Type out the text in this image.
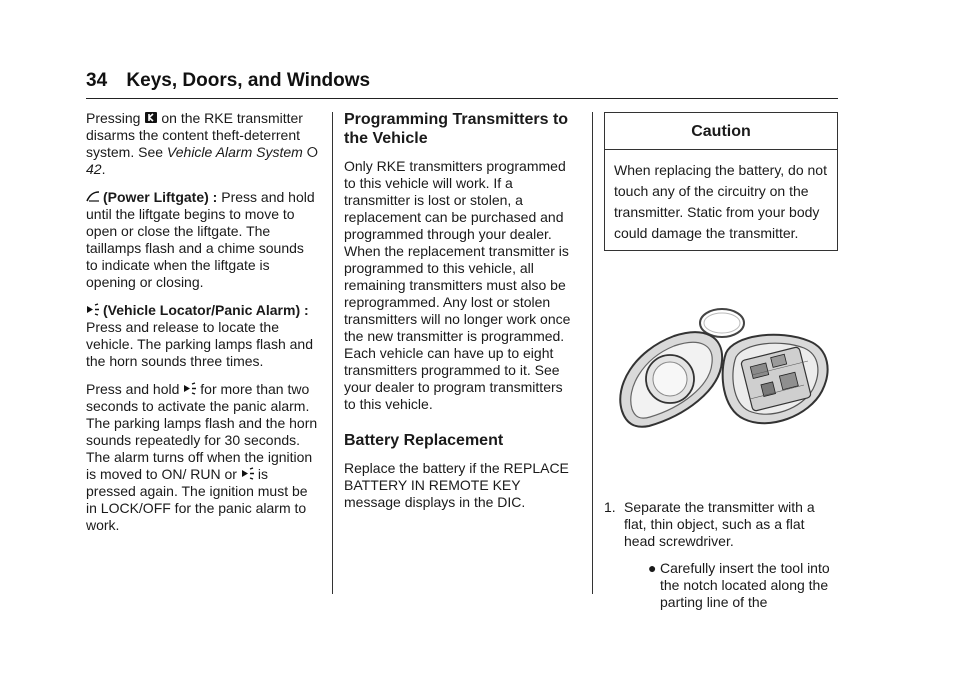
34 Keys, Doors, and Windows

Pressing on the RKE transmitter disarms the content theft-deterrent system. See Vehicle Alarm System ⭘ 42.

(Power Liftgate) : Press and hold until the liftgate begins to move to open or close the liftgate. The taillamps flash and a chime sounds to indicate when the liftgate is opening or closing.

(Vehicle Locator/Panic Alarm) : Press and release to locate the vehicle. The parking lamps flash and the horn sounds three times.

Press and hold for more than two seconds to activate the panic alarm. The parking lamps flash and the horn sounds repeatedly for 30 seconds. The alarm turns off when the ignition is moved to ON/ RUN or is pressed again. The ignition must be in LOCK/OFF for the panic alarm to work.

Programming Transmitters to the Vehicle

Only RKE transmitters programmed to this vehicle will work. If a transmitter is lost or stolen, a replacement can be purchased and programmed through your dealer. When the replacement transmitter is programmed to this vehicle, all remaining transmitters must also be reprogrammed. Any lost or stolen transmitters will no longer work once the new transmitter is programmed. Each vehicle can have up to eight transmitters programmed to it. See your dealer to program transmitters to this vehicle.

Battery Replacement

Replace the battery if the REPLACE BATTERY IN REMOTE KEY message displays in the DIC.

Caution
When replacing the battery, do not touch any of the circuitry on the transmitter. Static from your body could damage the transmitter.
1. Separate the transmitter with a flat, thin object, such as a flat head screwdriver.
● Carefully insert the tool into the notch located along the parting line of the
